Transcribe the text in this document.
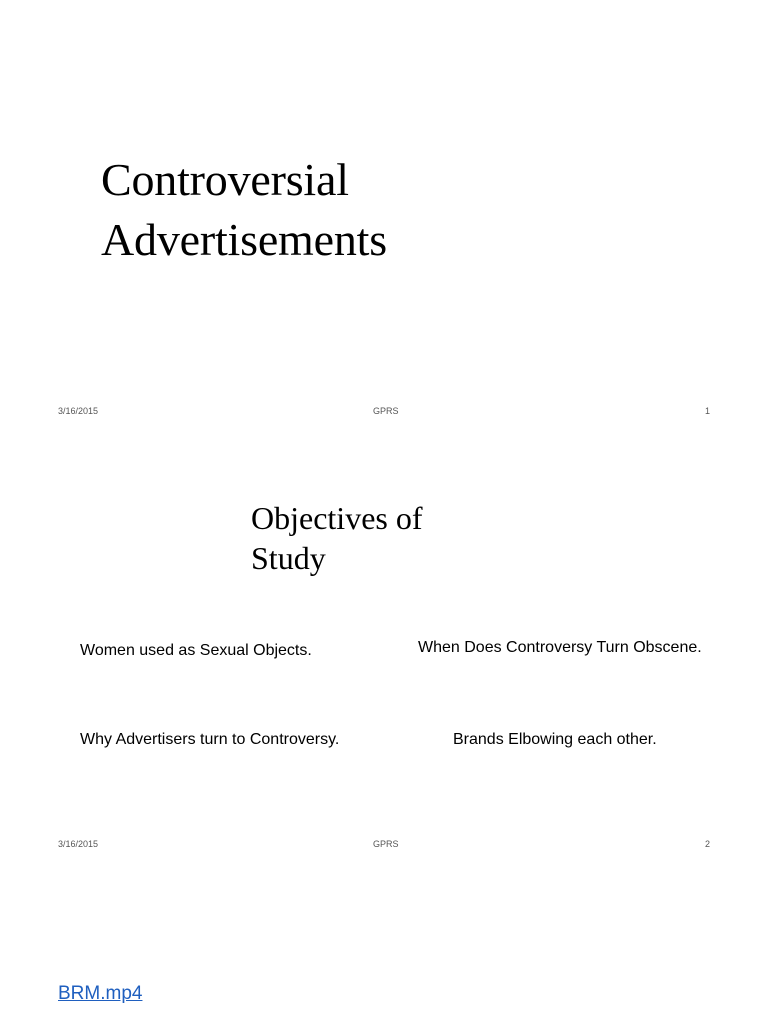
Controversial
Advertisements
3/16/2015	GPRS	1
Objectives of
Study
Women used as Sexual Objects.	When Does Controversy Turn Obscene.
Why Advertisers turn to Controversy.	Brands Elbowing each other.
3/16/2015	GPRS	2
BRM.mp4
